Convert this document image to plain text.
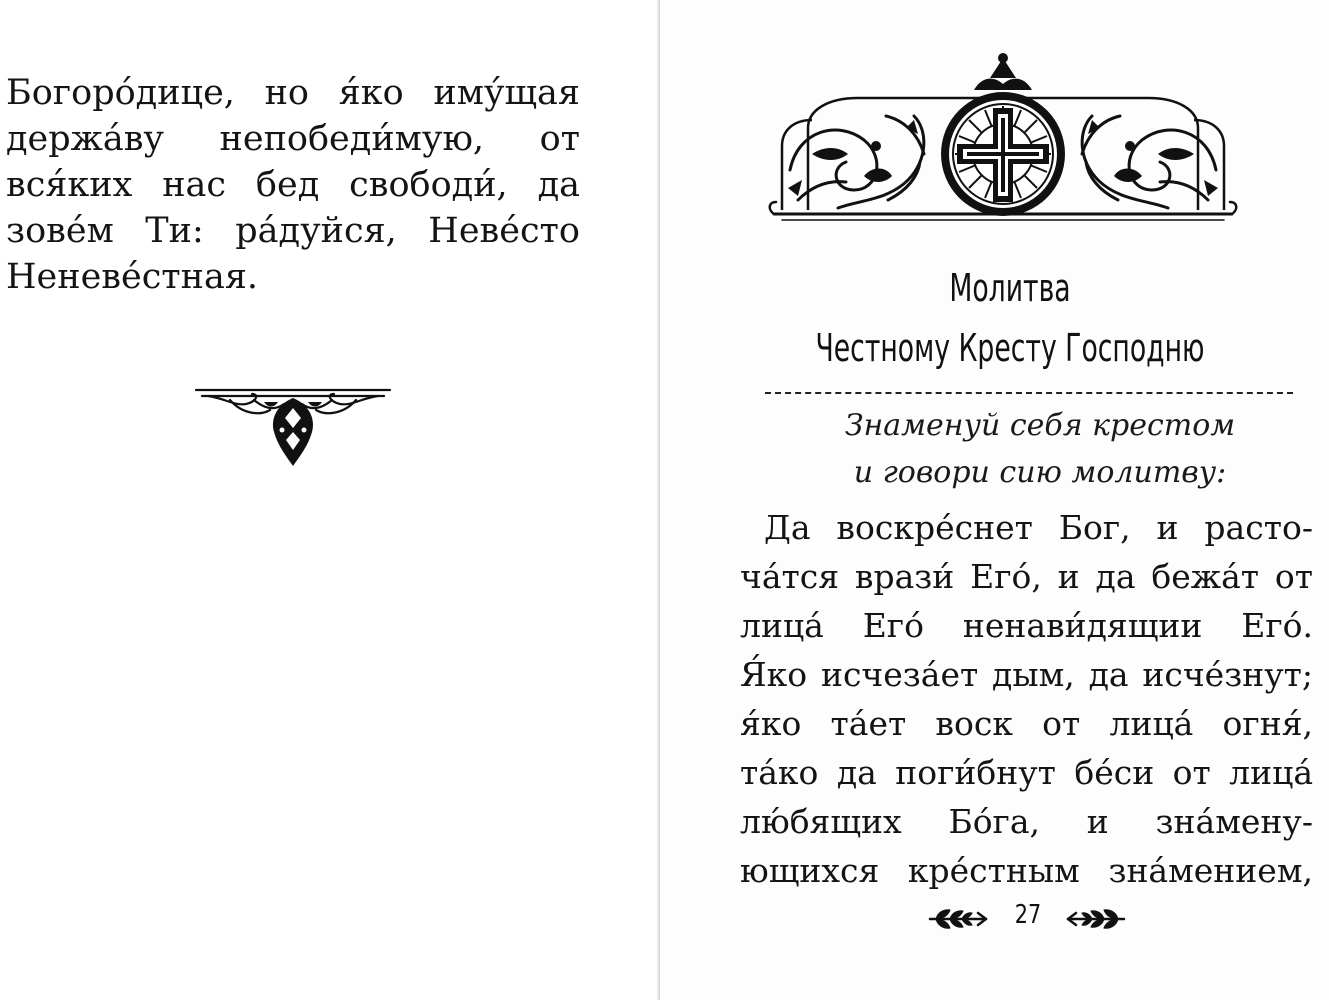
Богоро́дице, но я́ко иму́щая
держа́ву непобеди́мую, от
вся́ких нас бед свободи́, да
зове́м Ти: ра́дуйся, Неве́сто
Неневе́стная.	Молитва
Честному Кресту Господню
Знаменуй себя крестом
и говори сию молитву:
Да воскре́снет Бог, и расто-
ча́тся врази́ Его́, и да бежа́т от
лица́ Его́ ненави́дящии Его́.
Я́ко исчеза́ет дым, да исче́знут;
я́ко та́ет воск от лица́ огня́,
та́ко да поги́бнут бе́си от лица́
лю́бящих Бо́га, и зна́мену-
ющихся кре́стным зна́мением,
27
